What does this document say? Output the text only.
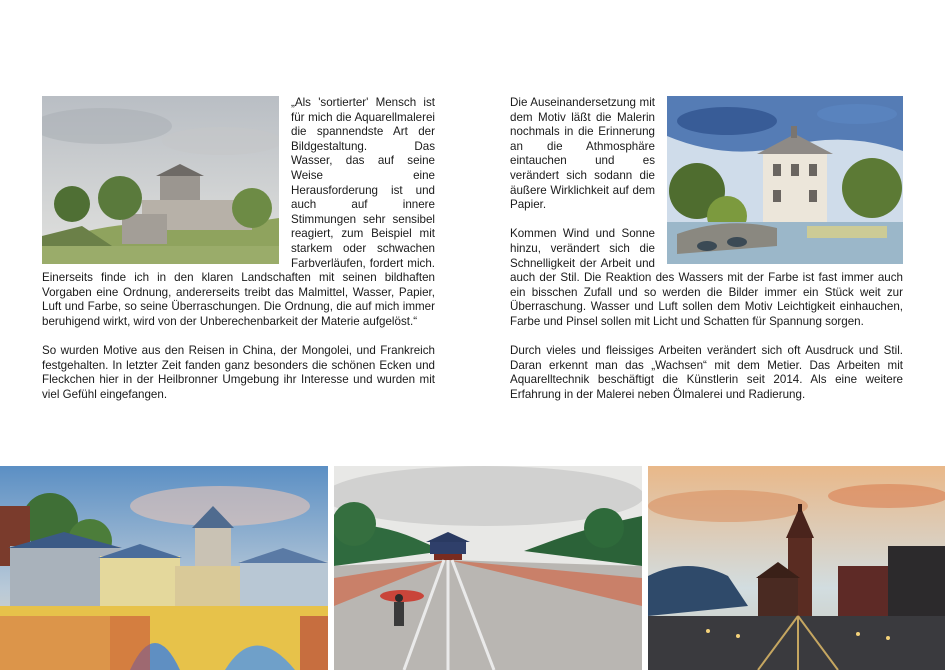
„Als 'sortierter' Mensch ist für mich die Aquarellmalerei die spannendste Art der Bildgestaltung. Das Wasser, das auf seine Weise eine Herausforderung ist und auch auf innere Stimmungen sehr sensibel reagiert, zum Beispiel mit starkem oder schwachen Farbverläufen, fordert mich. Einerseits finde ich in den klaren Landschaften mit seinen bildhaften Vorgaben eine Ordnung, andererseits treibt das Malmittel, Wasser, Papier, Luft und Farbe, so seine Überraschungen. Die Ordnung, die auf mich immer beruhigend wirkt, wird von der Unberechenbarkeit der Materie aufgelöst.“

So wurden Motive aus den Reisen in China, der Mongolei, und Frankreich festgehalten. In letzter Zeit fanden ganz besonders die schönen Ecken und Fleckchen hier in der Heilbronner Umgebung ihr Interesse und wurden mit viel Gefühl eingefangen.

Die Auseinandersetzung mit dem Motiv läßt die Malerin nochmals in die Erinnerung an die Athmosphäre eintauchen und es verändert sich sodann die äußere Wirklichkeit auf dem Papier.

Kommen Wind und Sonne hinzu, verändert sich die Schnelligkeit der Arbeit und auch der Stil. Die Reaktion des Wassers mit der Farbe ist fast immer auch ein bisschen Zufall und so werden die Bilder immer ein Stück weit zur Überraschung. Wasser und Luft sollen dem Motiv Leichtigkeit einhauchen, Farbe und Pinsel sollen mit Licht und Schatten für Spannung sorgen.

Durch vieles und fleissiges Arbeiten verändert sich oft Ausdruck und Stil. Daran erkennt man das „Wachsen“ mit dem Metier. Das Arbeiten mit Aquarelltechnik beschäftigt die Künstlerin seit 2014. Als eine weitere Erfahrung in der Malerei neben Ölmalerei und Radierung.
